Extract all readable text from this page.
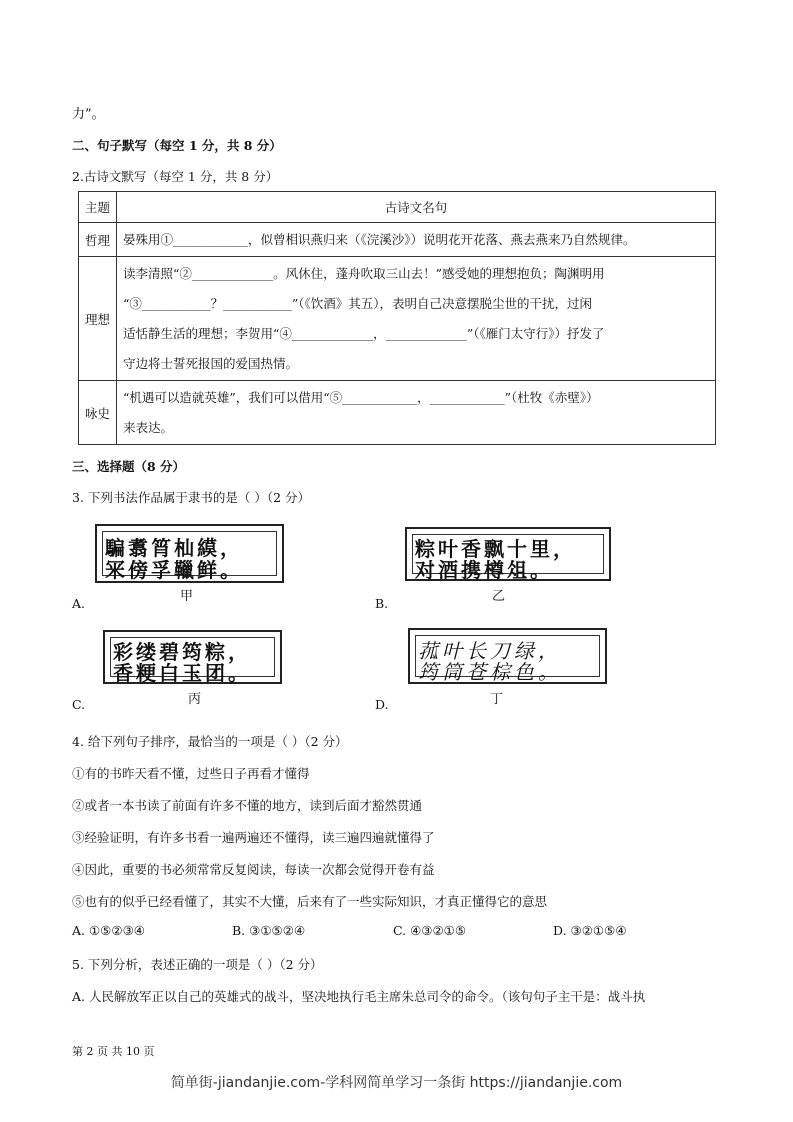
力”。
二、句子默写（每空 1 分，共 8 分）
2.古诗文默写（每空 1 分，共 8 分）
主题	古诗文名句
哲理	晏殊用①____________，似曾相识燕归来（《浣溪沙》）说明花开花落、燕去燕来乃自然规律。

理想	读李清照“②_____________。风休住，蓬舟吹取三山去！”感受她的理想抱负；陶渊明用
“③___________？___________”（《饮酒》其五），表明自己决意摆脱尘世的干扰，过闲
适恬静生活的理想；李贺用“④_____________，_____________”（《雁门太守行》）抒发了
守边将士誓死报国的爱国热情。

咏史	“机遇可以造就英雄”，我们可以借用“⑤____________，____________”（杜牧《赤壁》）
来表达。
三、选择题（8 分）
3. 下列书法作品属于隶书的是（ ）（2 分）
騙翥筲杣縸，
冞傍孚䪉鲜。
甲
A.
粽叶香飘十里，
对酒携樽俎。
乙
B.
彩缕碧筠粽，
香粳白玉团。
丙
C.
菰叶长刀绿，
筠筒苍棕色。
丁
D.
4. 给下列句子排序，最恰当的一项是（ ）（2 分）
①有的书昨天看不懂，过些日子再看才懂得
②或者一本书读了前面有许多不懂的地方，读到后面才豁然贯通
③经验证明，有许多书看一遍两遍还不懂得，读三遍四遍就懂得了
④因此，重要的书必须常常反复阅读，每读一次都会觉得开卷有益
⑤也有的似乎已经看懂了，其实不大懂，后来有了一些实际知识，才真正懂得它的意思
A. ①⑤②③④	B. ③①⑤②④	C. ④③②①⑤	D. ③②①⑤④
5. 下列分析，表述正确的一项是（ ）（2 分）
A. 人民解放军正以自己的英雄式的战斗，坚决地执行毛主席朱总司令的命令。（该句句子主干是：战斗执
第 2 页 共 10 页
简单街-jiandanjie.com-学科网简单学习一条街 https://jiandanjie.com
